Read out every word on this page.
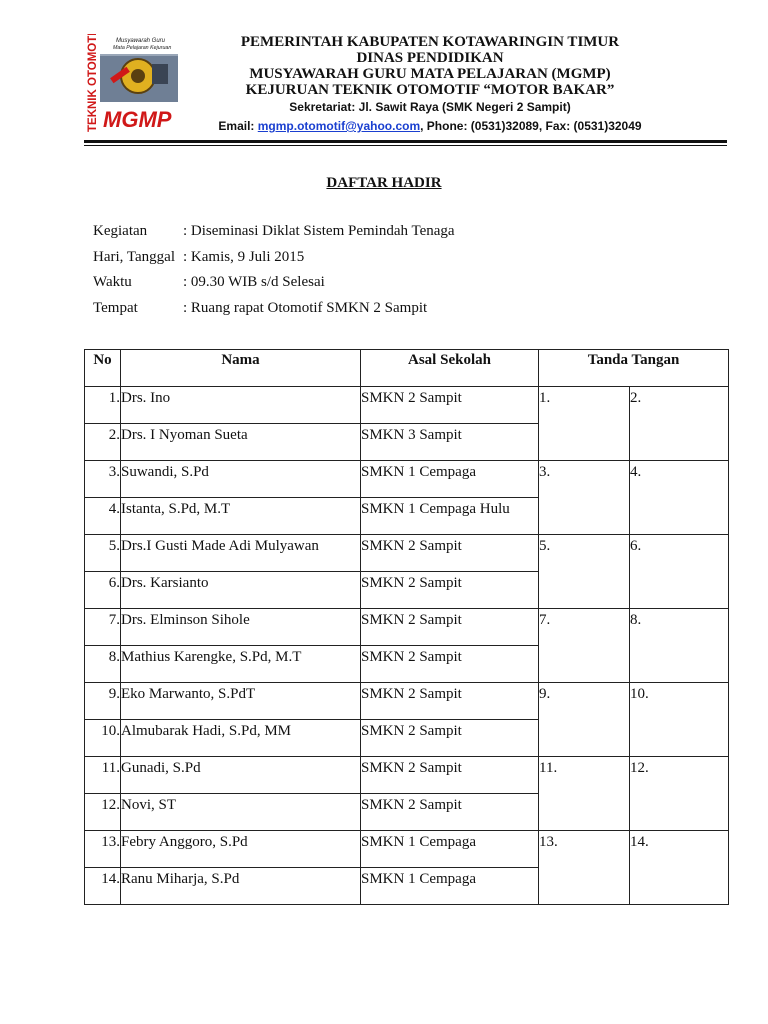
TEKNIK OTOMOTIF	Musyawarah Guru
Mata Pelajaran Kejuruan
MGMP
PEMERINTAH KABUPATEN KOTAWARINGIN TIMUR
DINAS PENDIDIKAN
MUSYAWARAH GURU MATA PELAJARAN (MGMP)
KEJURUAN TEKNIK OTOMOTIF “MOTOR BAKAR”
Sekretariat: Jl. Sawit Raya (SMK Negeri 2 Sampit)
Email: mgmp.otomotif@yahoo.com, Phone: (0531)32089, Fax: (0531)32049
DAFTAR HADIR
Kegiatan	: Diseminasi Diklat Sistem Pemindah Tenaga
Hari, Tanggal : Kamis, 9 Juli 2015
Waktu	: 09.30 WIB s/d Selesai
Tempat	: Ruang rapat Otomotif SMKN 2 Sampit
No	Nama	Asal Sekolah	Tanda Tangan	
1.	Drs. Ino	SMKN 2 Sampit	1.	2.
2.	Drs. I Nyoman Sueta	SMKN 3 Sampit		
3.	Suwandi, S.Pd	SMKN 1 Cempaga	3.	4.
4.	Istanta, S.Pd, M.T	SMKN 1 Cempaga Hulu		
5.	Drs.I Gusti Made Adi Mulyawan	SMKN 2 Sampit	5.	6.
6.	Drs. Karsianto	SMKN 2 Sampit		
7.	Drs. Elminson Sihole	SMKN 2 Sampit	7.	8.
8.	Mathius Karengke, S.Pd, M.T	SMKN 2 Sampit		
9.	Eko Marwanto, S.PdT	SMKN 2 Sampit	9.	10.
10.	Almubarak Hadi, S.Pd, MM	SMKN 2 Sampit		
11.	Gunadi, S.Pd	SMKN 2 Sampit	11.	12.
12.	Novi, ST	SMKN 2 Sampit		
13.	Febry Anggoro, S.Pd	SMKN 1 Cempaga	13.	14.
14.	Ranu Miharja, S.Pd	SMKN 1 Cempaga		
